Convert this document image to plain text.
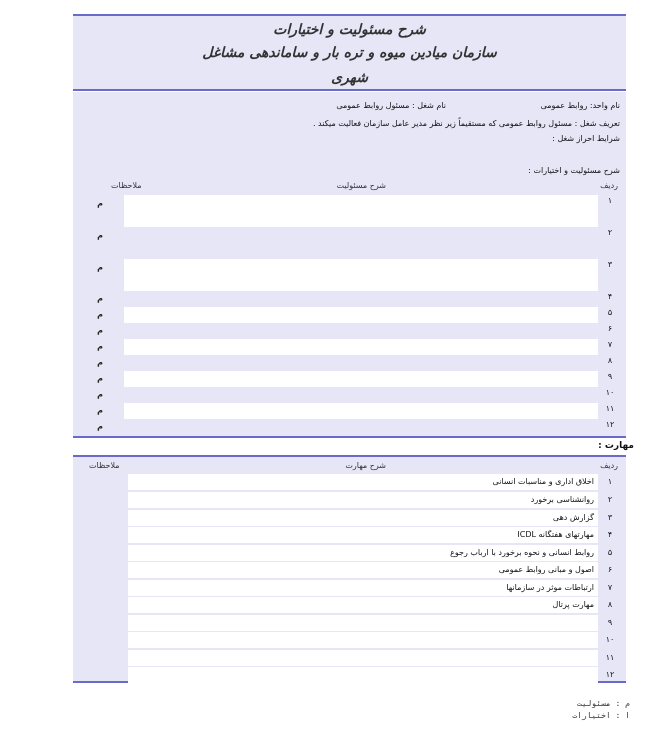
شرح مسئولیت و اختیارات
سازمان میادین میوه و تره بار و ساماندهی مشاغل
شهری
نام واحد: روابط عمومی
نام شغل : مسئول روابط عمومی
تعریف شغل : مسئول روابط عمومی که مستقیماً زیر نظر مدیر عامل سازمان فعالیت میکند .
شرایط احراز شغل :
شرح مسئولیت و اختیارات :
ردیف
شرح مسئولیت
ملاحظات
۱
م
۲
م
۳
م
۴
م
۵
م
۶
م
۷
م
۸
م
۹
م
۱۰
م
۱۱
م
۱۲
م
مهارت :
ردیف
شرح مهارت
ملاحظات
۱
اخلاق اداری و مناسبات انسانی
۲
روانشناسی برخورد
۳
گزارش دهی
۴
مهارتهای هفتگانه ICDL
۵
روابط انسانی و نحوه برخورد با ارباب رجوع
۶
اصول و مبانی روابط عمومی
۷
ارتباطات موثر در سازمانها
۸
مهارت پرتال
۹
۱۰
۱۱
۱۲
م : مسئولیت
ا : اختیارات
